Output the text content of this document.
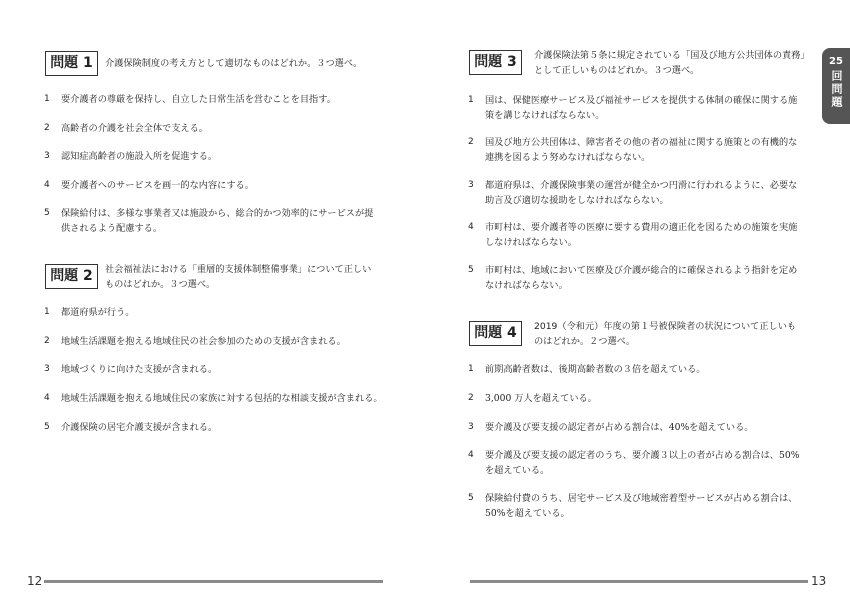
問題 1	介護保険制度の考え方として適切なものはどれか。３つ選べ。
1	要介護者の尊厳を保持し、自立した日常生活を営むことを目指す。
2	高齢者の介護を社会全体で支える。
3	認知症高齢者の施設入所を促進する。
4	要介護者へのサービスを画一的な内容にする。
5	保険給付は、多様な事業者又は施設から、総合的かつ効率的にサービスが提
供されるよう配慮する。
問題 2	社会福祉法における「重層的支援体制整備事業」について正しい
ものはどれか。３つ選べ。
1	都道府県が行う。
2	地域生活課題を抱える地域住民の社会参加のための支援が含まれる。
3	地域づくりに向けた支援が含まれる。
4	地域生活課題を抱える地域住民の家族に対する包括的な相談支援が含まれる。
5	介護保険の居宅介護支援が含まれる。
12
問題 3	介護保険法第５条に規定されている「国及び地方公共団体の責務」
として正しいものはどれか。３つ選べ。
1	国は、保健医療サービス及び福祉サービスを提供する体制の確保に関する施
策を講じなければならない。
2	国及び地方公共団体は、障害者その他の者の福祉に関する施策との有機的な
連携を図るよう努めなければならない。
3	都道府県は、介護保険事業の運営が健全かつ円滑に行われるように、必要な
助言及び適切な援助をしなければならない。
4	市町村は、要介護者等の医療に要する費用の適正化を図るための施策を実施
しなければならない。
5	市町村は、地域において医療及び介護が総合的に確保されるよう指針を定め
なければならない。
問題 4	2019（令和元）年度の第１号被保険者の状況について正しいも
のはどれか。２つ選べ。
1	前期高齢者数は、後期高齢者数の３倍を超えている。
2	3,000 万人を超えている。
3	要介護及び要支援の認定者が占める割合は、40%を超えている。
4	要介護及び要支援の認定者のうち、要介護３以上の者が占める割合は、50%
を超えている。
5	保険給付費のうち、居宅サービス及び地域密着型サービスが占める割合は、
50%を超えている。
13
25
回問題
